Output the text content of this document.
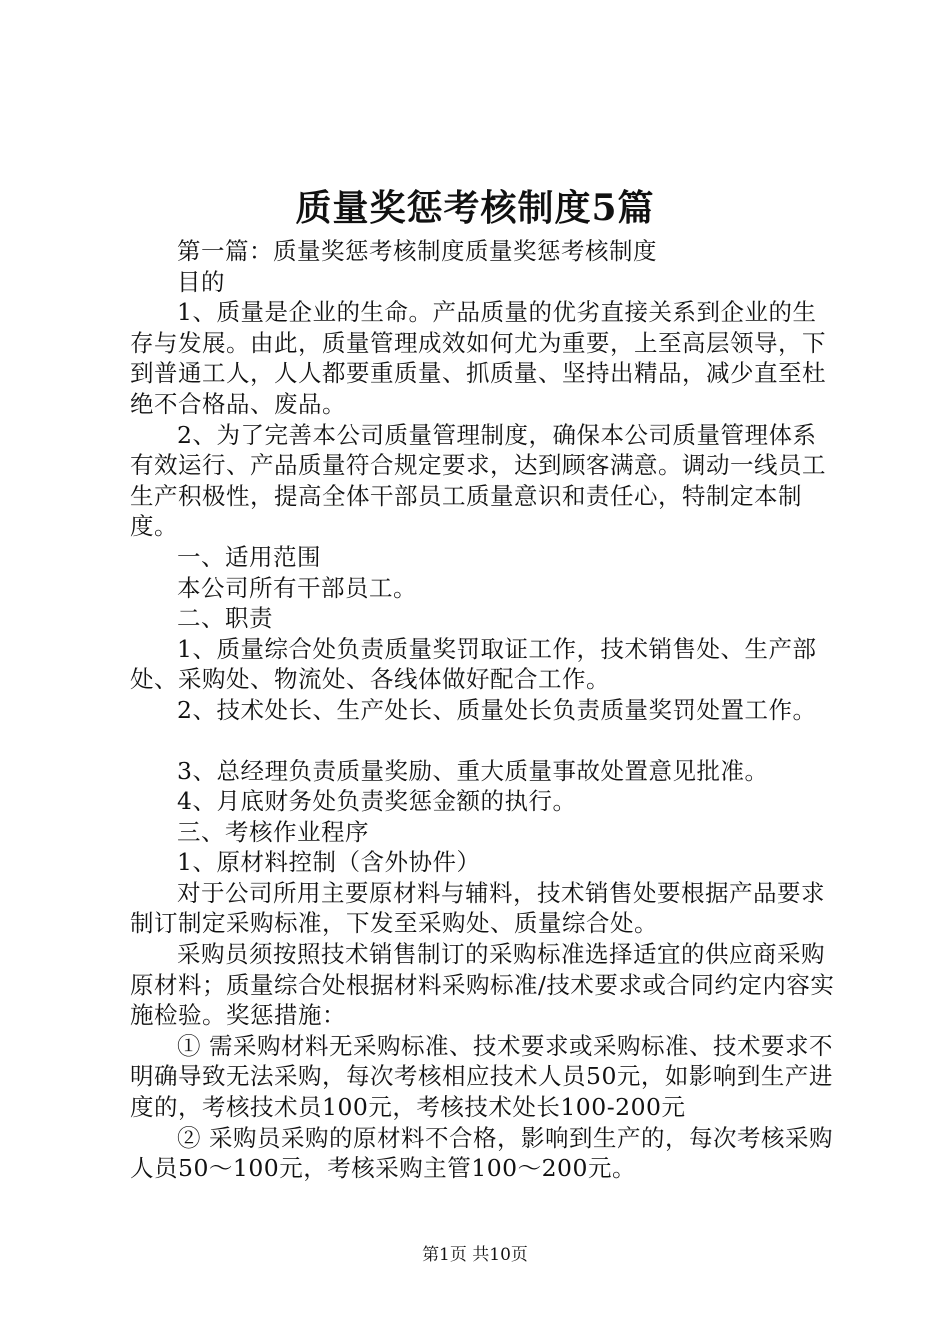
质量奖惩考核制度5篇

第一篇：质量奖惩考核制度质量奖惩考核制度

目的

1、质量是企业的生命。产品质量的优劣直接关系到企业的生存与发展。由此，质量管理成效如何尤为重要，上至高层领导，下到普通工人，人人都要重质量、抓质量、坚持出精品，减少直至杜绝不合格品、废品。

2、为了完善本公司质量管理制度，确保本公司质量管理体系有效运行、产品质量符合规定要求，达到顾客满意。调动一线员工生产积极性，提高全体干部员工质量意识和责任心，特制定本制度。

一、适用范围

本公司所有干部员工。

二、职责

1、质量综合处负责质量奖罚取证工作，技术销售处、生产部处、采购处、物流处、各线体做好配合工作。

2、技术处长、生产处长、质量处长负责质量奖罚处置工作。

3、总经理负责质量奖励、重大质量事故处置意见批准。

4、月底财务处负责奖惩金额的执行。

三、考核作业程序

1、原材料控制（含外协件）

对于公司所用主要原材料与辅料，技术销售处要根据产品要求制订制定采购标准，下发至采购处、质量综合处。

采购员须按照技术销售制订的采购标准选择适宜的供应商采购原材料；质量综合处根据材料采购标准/技术要求或合同约定内容实施检验。奖惩措施：

① 需采购材料无采购标准、技术要求或采购标准、技术要求不明确导致无法采购，每次考核相应技术人员50元，如影响到生产进度的，考核技术员100元，考核技术处长100-200元

② 采购员采购的原材料不合格，影响到生产的，每次考核采购人员50～100元，考核采购主管100～200元。

第1页 共10页
